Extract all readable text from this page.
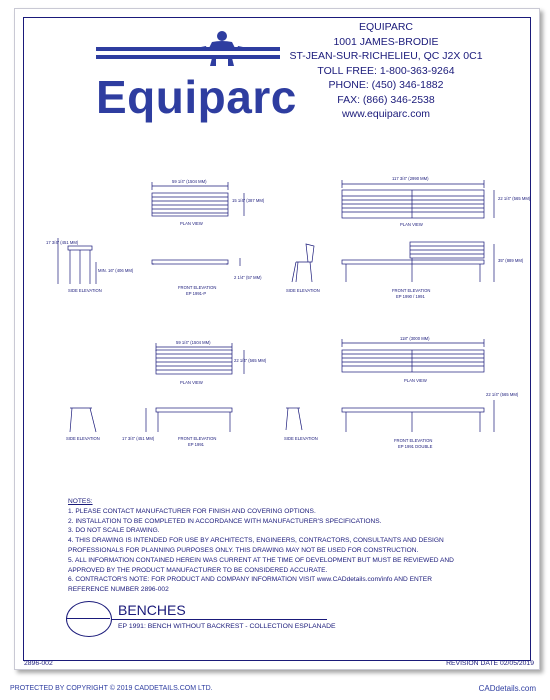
Equiparc
EQUIPARC
1001 JAMES-BRODIE
ST-JEAN-SUR-RICHELIEU, QC J2X 0C1
TOLL FREE: 1-800-363-9264
PHONE: (450) 346-1882
FAX: (866) 346-2538
www.equiparc.com
59 1/4" (1504 MM)
15 1/4" (387 MM)
PLAN VIEW
17 3/4" (451 MM)
MIN. 16" (406 MM)
SIDE ELEVATION
FRONT ELEVATION
EP 1991-P
2 1/4" (57 MM)
117 3/4" (2990 MM)
22 1/4" (565 MM)
PLAN VIEW
SIDE ELEVATION	FRONT ELEVATION
EP 1990 / 1991
35" (889 MM)
59 1/4" (1504 MM)
22 1/4" (565 MM)
PLAN VIEW
SIDE ELEVATION	FRONT ELEVATION
EP 1991
17 3/4" (451 MM)
118" (3000 MM)
PLAN VIEW
SIDE ELEVATION	FRONT ELEVATION
EP 1991 DOUBLE
22 1/4" (565 MM)
NOTES:
1. PLEASE CONTACT MANUFACTURER FOR FINISH AND COVERING OPTIONS.
2. INSTALLATION TO BE COMPLETED IN ACCORDANCE WITH MANUFACTURER'S SPECIFICATIONS.
3. DO NOT SCALE DRAWING.
4. THIS DRAWING IS INTENDED FOR USE BY ARCHITECTS, ENGINEERS, CONTRACTORS, CONSULTANTS AND DESIGN
PROFESSIONALS FOR PLANNING PURPOSES ONLY. THIS DRAWING MAY NOT BE USED FOR CONSTRUCTION.
5. ALL INFORMATION CONTAINED HEREIN WAS CURRENT AT THE TIME OF DEVELOPMENT BUT MUST BE REVIEWED AND
APPROVED BY THE PRODUCT MANUFACTURER TO BE CONSIDERED ACCURATE.
6. CONTRACTOR'S NOTE: FOR PRODUCT AND COMPANY INFORMATION VISIT www.CADdetails.com/info AND ENTER
REFERENCE NUMBER 2896-002
BENCHES
EP 1991: BENCH WITHOUT BACKREST - COLLECTION ESPLANADE
2896-002	REVISION DATE 02/05/2019
PROTECTED BY COPYRIGHT © 2019 CADDETAILS.COM LTD.	CADdetails.com
